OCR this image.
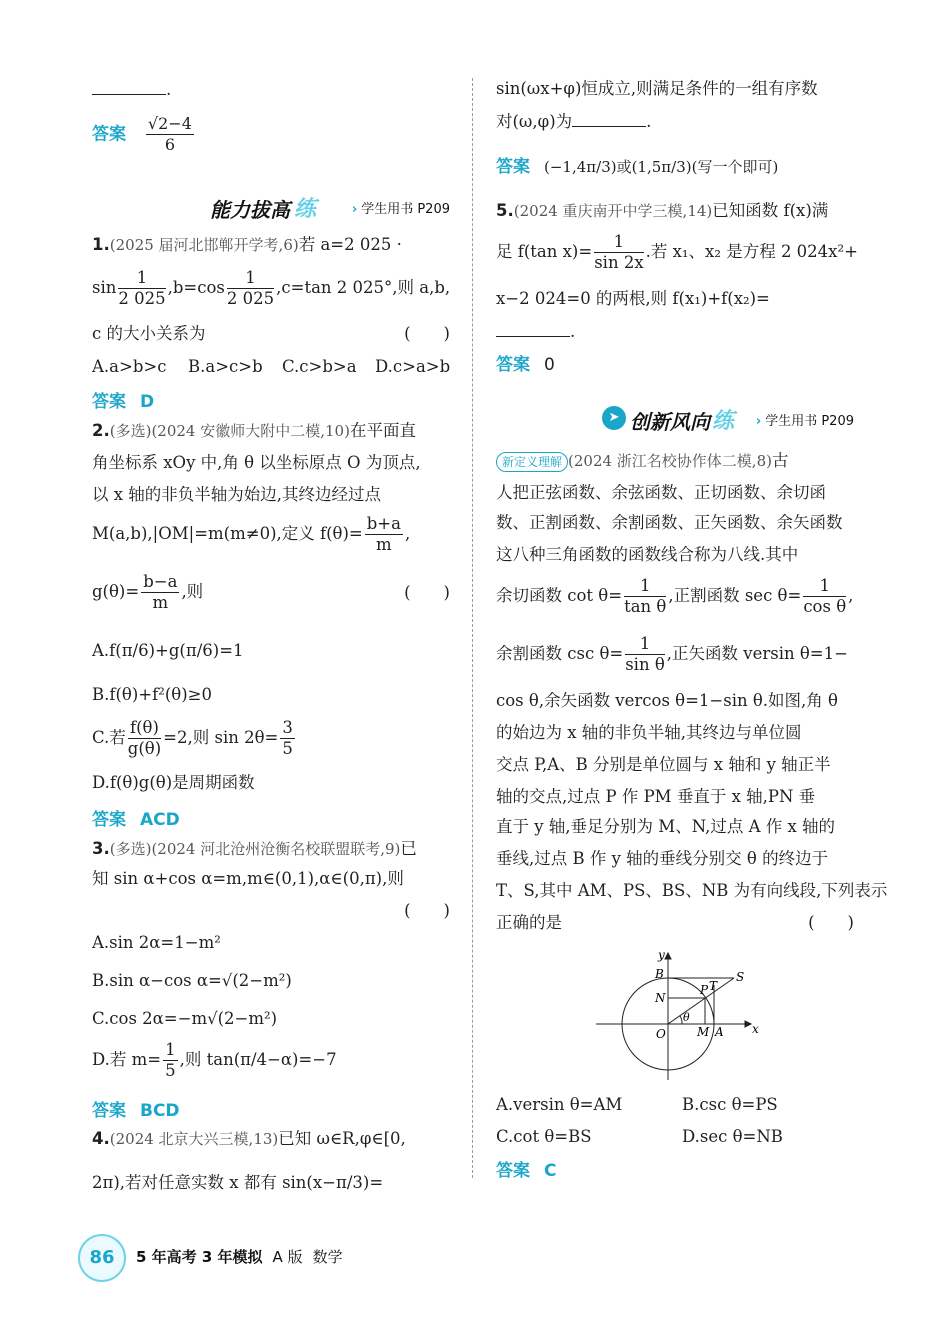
.
答案 $\frac{√2-4}{6}$
能力拔高 练	› 学生用书 P209
1.(2025 届河北邯郸开学考,6)若 a=2 025 ·
$\sin \frac{1}{2 025} ,b=\cos \frac{1}{2 025} ,c=\tan$ 2 025°,则 a,b,
c 的大小关系为	(　　)
A.a>b>c B.a>c>b C.c>b>a D.c>a>b
答案 D
2.(多选)(2024 安徽师大附中二模,10)在平面直
角坐标系 xOy 中,角 θ 以坐标原点 O 为顶点,
以 x 轴的非负半轴为始边,其终边经过点
M(a,b),|OM|=m(m≠0),定义 $f(\theta)= \frac{b+a}{m}$ ,
$g(\theta)= \frac{b-a}{m}$ ,则	(　　)
A.f(π/6)+g(π/6)=1
B.f(θ)+f²(θ)≥0
C.若 $\frac{f(\theta)}{g(\theta)} =2$,则 $\sin 2\theta= \frac{3}{5}$
D.f(θ)g(θ)是周期函数
答案 ACD
3.(多选)(2024 河北沧州沧衡名校联盟联考,9)已
知 sin α+cos α=m,m∈(0,1),α∈(0,π),则
(　　)
A.sin 2α=1−m²
B.sin α−cos α=√(2−m²)
C.cos 2α=−m√(2−m²)
D.若 $m= \frac{1}{5}$ ,则 tan(π/4−α)=−7
答案 BCD
4.(2024 北京大兴三模,13)已知 ω∈R,φ∈[0,
2π),若对任意实数 x 都有 sin(x−π/3)=
sin(ωx+φ)恒成立,则满足条件的一组有序数
对(ω,φ)为	.
答案 (−1,4π/3)或(1,5π/3)(写一个即可)
5.(2024 重庆南开中学三模,14)已知函数 f(x)满
足 f(tan $x)= \frac{1}{\sin 2x}$ .若 x₁、x₂ 是方程 2 024x²+
x−2 024=0 的两根,则 f(x₁)+f(x₂)=
.
答案 0
➤ 创新风向 练 › 学生用书 P209
新定义理解 (2024 浙江名校协作体二模,8)古
人把正弦函数、余弦函数、正切函数、余切函
数、正割函数、余割函数、正矢函数、余矢函数
这八种三角函数的函数线合称为八线.其中
余切函数 $\cot \theta= \frac{1}{\text{tan θ}}$ ,正割函数 $\sec \theta= \frac{1}{\text{cos θ}}$ ,
余割函数 $\csc \theta= \frac{1}{\text{sin θ}}$ ,正矢函数 versin θ=1−
cos θ,余矢函数 vercos θ=1−sin θ.如图,角 θ
的始边为 x 轴的非负半轴,其终边与单位圆
交点 P,A、B 分别是单位圆与 x 轴和 y 轴正半
轴的交点,过点 P 作 PM 垂直于 x 轴,PN 垂
直于 y 轴,垂足分别为 M、N,过点 A 作 x 轴的
垂线,过点 B 作 y 轴的垂线分别交 θ 的终边于
T、S,其中 AM、PS、BS、NB 为有向线段,下列表示
正确的是	(　　)
y
x
B
N
P T
S
O	M A
θ
A.versin θ=AM	B.csc θ=PS
C.cot θ=BS	D.sec θ=NB
答案 C
86	5 年高考 3 年模拟 A 版 数学
